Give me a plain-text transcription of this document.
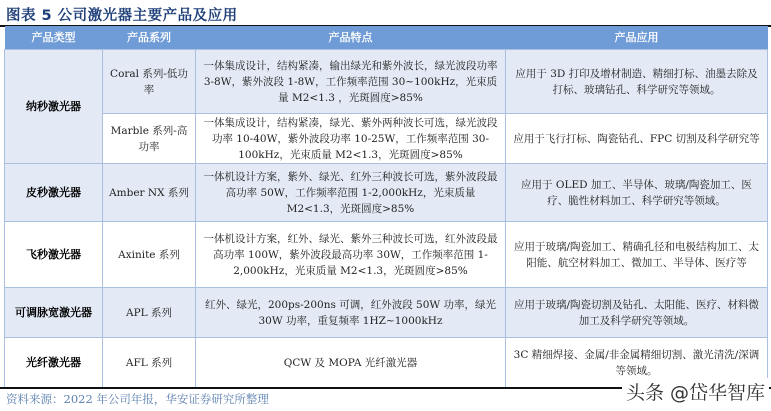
图表 5 公司激光器主要产品及应用
产品类型	产品系列	产品特点	产品应用
纳秒激光器	Coral 系列-低功率	一体集成设计，结构紧凑，输出绿光和紫外波长，绿光波段功率 3-8W，紫外波段 1-8W，工作频率范围 30~100kHz，光束质量 M2<1.3 ，光斑圆度>85%	应用于 3D 打印及增材制造、精细打标、油墨去除及打标、玻璃钻孔、科学研究等领域。
	Marble 系列-高功率	一体集成设计，结构紧凑，绿光、紫外两种波长可选，绿光波段功率 10-40W，紫外波段功率 10-25W，工作频率范围 30-100kHz，光束质量 M2<1.3，光斑圆度>85%	应用于飞行打标、陶瓷钻孔、FPC 切割及科学研究等
皮秒激光器	Amber NX 系列	一体机设计方案，紫外、绿光、红外三种波长可选，紫外波段最高功率 50W，工作频率范围 1-2,000kHz，光束质量 M2<1.3，光斑圆度>85%	应用于 OLED 加工、半导体、玻璃/陶瓷加工、医疗、脆性材料加工、科学研究等领域。
飞秒激光器	Axinite 系列	一体机设计方案，红外、绿光、紫外三种波长可选，红外波段最高功率 100W，紫外波段最高功率 30W，工作频率范围 1-2,000kHz，光束质量 M2<1.3，光斑圆度>85%	应用于玻璃/陶瓷加工、精确孔径和电极结构加工、太阳能、航空材料加工、微加工、半导体、医疗等
可调脉宽激光器	APL 系列	红外、绿光，200ps-200ns 可调，红外波段 50W 功率，绿光 30W 功率，重复频率 1HZ~1000kHz	应用于玻璃/陶瓷切割及钻孔、太阳能、医疗、材料微加工及科学研究等领域。
光纤激光器	AFL 系列	QCW 及 MOPA 光纤激光器	3C 精细焊接、金属/非金属精细切割、激光清洗/深调等领域。
资料来源：2022 年公司年报，华安证券研究所整理	头条 @岱华智库
